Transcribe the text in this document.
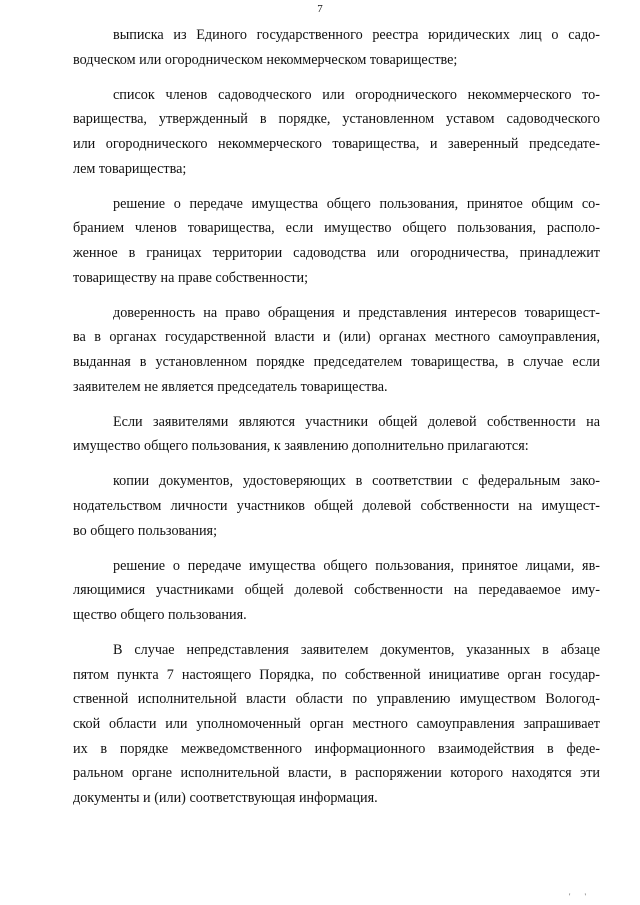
7
выписка из Единого государственного реестра юридических лиц о садо-
водческом или огородническом некоммерческом товариществе;
список членов садоводческого или огороднического некоммерческого то-
варищества, утвержденный в порядке, установленном уставом садоводческого
или огороднического некоммерческого товарищества, и заверенный председате-
лем товарищества;
решение о передаче имущества общего пользования, принятое общим со-
бранием членов товарищества, если имущество общего пользования, располо-
женное в границах территории садоводства или огородничества, принадлежит
товариществу на праве собственности;
доверенность на право обращения и представления интересов товарищест-
ва в органах государственной власти и (или) органах местного самоуправления,
выданная в установленном порядке председателем товарищества, в случае если
заявителем не является председатель товарищества.
Если заявителями являются участники общей долевой собственности на
имущество общего пользования, к заявлению дополнительно прилагаются:
копии документов, удостоверяющих в соответствии с федеральным зако-
нодательством личности участников общей долевой собственности на имущест-
во общего пользования;
решение о передаче имущества общего пользования, принятое лицами, яв-
ляющимися участниками общей долевой собственности на передаваемое иму-
щество общего пользования.
В случае непредставления заявителем документов, указанных в абзаце
пятом пункта 7 настоящего Порядка, по собственной инициативе орган государ-
ственной исполнительной власти области по управлению имуществом Вологод-
ской области или уполномоченный орган местного самоуправления запрашивает
их в порядке межведомственного информационного взаимодействия в феде-
ральном органе исполнительной власти, в распоряжении которого находятся эти
документы и (или) соответствующая информация.
' '
